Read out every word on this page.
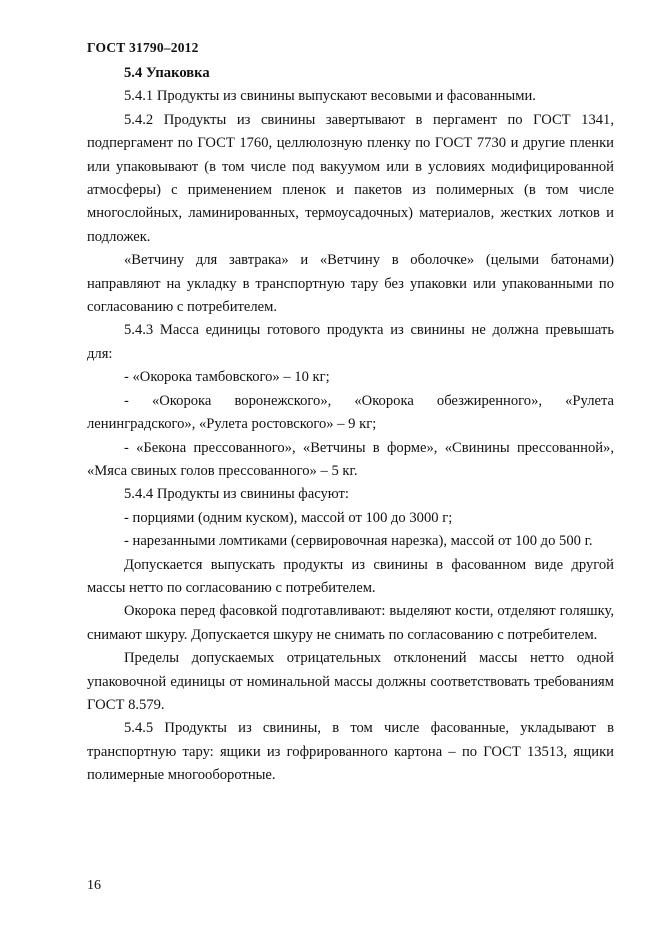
ГОСТ 31790–2012

5.4 Упаковка

5.4.1 Продукты из свинины выпускают весовыми и фасованными.

5.4.2 Продукты из свинины завертывают в пергамент по ГОСТ 1341, подпергамент по ГОСТ 1760, целлюлозную пленку по ГОСТ 7730 и другие пленки или упаковывают (в том числе под вакуумом или в условиях модифицированной атмосферы) с применением пленок и пакетов из полимерных (в том числе многослойных, ламинированных, термоусадочных) материалов, жестких лотков и подложек.

«Ветчину для завтрака» и «Ветчину в оболочке» (целыми батонами) направляют на укладку в транспортную тару без упаковки или упакованными по согласованию с потребителем.

5.4.3 Масса единицы готового продукта из свинины не должна превышать для:

- «Окорока тамбовского» – 10 кг;

- «Окорока воронежского», «Окорока обезжиренного», «Рулета ленинградского», «Рулета ростовского» – 9 кг;

- «Бекона прессованного», «Ветчины в форме», «Свинины прессованной», «Мяса свиных голов прессованного» – 5 кг.

5.4.4 Продукты из свинины фасуют:

- порциями (одним куском), массой от 100 до 3000 г;

- нарезанными ломтиками (сервировочная нарезка), массой от 100 до 500 г.

Допускается выпускать продукты из свинины в фасованном виде другой массы нетто по согласованию с потребителем.

Окорока перед фасовкой подготавливают: выделяют кости, отделяют голяшку, снимают шкуру. Допускается шкуру не снимать по согласованию с потребителем.

Пределы допускаемых отрицательных отклонений массы нетто одной упаковочной единицы от номинальной массы должны соответствовать требованиям ГОСТ 8.579.

5.4.5 Продукты из свинины, в том числе фасованные, укладывают в транспортную тару: ящики из гофрированного картона – по ГОСТ 13513, ящики полимерные многооборотные.

16
